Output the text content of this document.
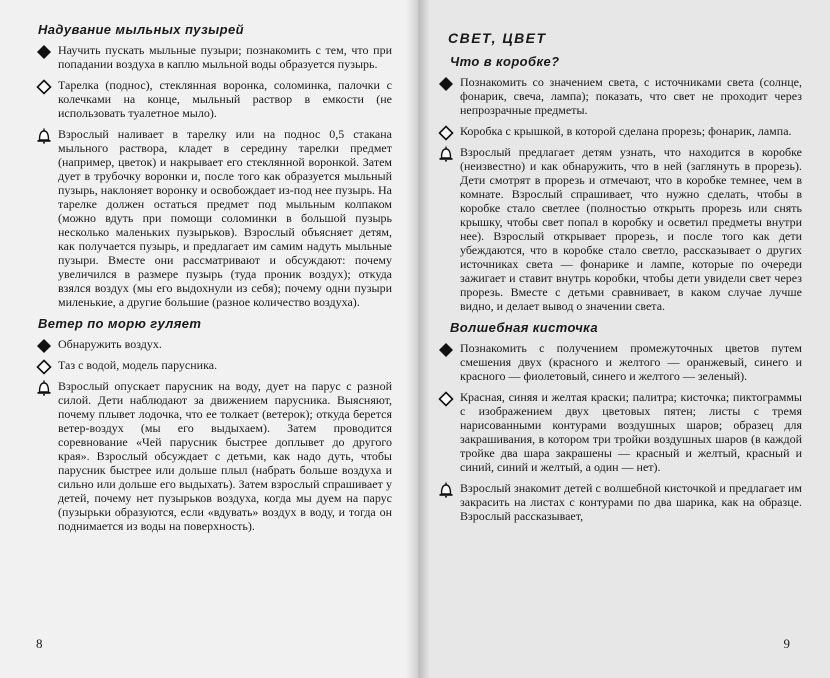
Надувание мыльных пузырей
Научить пускать мыльные пузыри; познакомить с тем, что при попадании воздуха в каплю мыльной воды образуется пузырь.
Тарелка (поднос), стеклянная воронка, соломинка, палочки с колечками на конце, мыльный раствор в емкости (не использовать туалетное мыло).
Взрослый наливает в тарелку или на поднос 0,5 стакана мыльного раствора, кладет в середину тарелки предмет (например, цветок) и накрывает его стеклянной воронкой. Затем дует в трубочку воронки и, после того как образуется мыльный пузырь, наклоняет воронку и освобождает из-под нее пузырь. На тарелке должен остаться предмет под мыльным колпаком (можно вдуть при помощи соломинки в большой пузырь несколько маленьких пузырьков). Взрослый объясняет детям, как получается пузырь, и предлагает им самим надуть мыльные пузыри. Вместе они рассматривают и обсуждают: почему увеличился в размере пузырь (туда проник воздух); откуда взялся воздух (мы его выдохнули из себя); почему одни пузыри миленькие, а другие большие (разное количество воздуха).
Ветер по морю гуляет
Обнаружить воздух.
Таз с водой, модель парусника.
Взрослый опускает парусник на воду, дует на парус с разной силой. Дети наблюдают за движением парусника. Выясняют, почему плывет лодочка, что ее толкает (ветерок); откуда берется ветер-воздух (мы его выдыхаем). Затем проводится соревнование «Чей парусник быстрее доплывет до другого края». Взрослый обсуждает с детьми, как надо дуть, чтобы парусник быстрее или дольше плыл (набрать больше воздуха и сильно или дольше его выдыхать). Затем взрослый спрашивает у детей, почему нет пузырьков воздуха, когда мы дуем на парус (пузырьки образуются, если «вдувать» воздух в воду, и тогда он поднимается из воды на поверхность).
8
СВЕТ, ЦВЕТ
Что в коробке?
Познакомить со значением света, с источниками света (солнце, фонарик, свеча, лампа); показать, что свет не проходит через непрозрачные предметы.
Коробка с крышкой, в которой сделана прорезь; фонарик, лампа.
Взрослый предлагает детям узнать, что находится в коробке (неизвестно) и как обнаружить, что в ней (заглянуть в прорезь). Дети смотрят в прорезь и отмечают, что в коробке темнее, чем в комнате. Взрослый спрашивает, что нужно сделать, чтобы в коробке стало светлее (полностью открыть прорезь или снять крышку, чтобы свет попал в коробку и осветил предметы внутри нее). Взрослый открывает прорезь, и после того как дети убеждаются, что в коробке стало светло, рассказывает о других источниках света — фонарике и лампе, которые по очереди зажигает и ставит внутрь коробки, чтобы дети увидели свет через прорезь. Вместе с детьми сравнивает, в каком случае лучше видно, и делает вывод о значении света.
Волшебная кисточка
Познакомить с получением промежуточных цветов путем смешения двух (красного и желтого — оранжевый, синего и красного — фиолетовый, синего и желтого — зеленый).
Красная, синяя и желтая краски; палитра; кисточка; пиктограммы с изображением двух цветовых пятен; листы с тремя нарисованными контурами воздушных шаров; образец для закрашивания, в котором три тройки воздушных шаров (в каждой тройке два шара закрашены — красный и желтый, красный и синий, синий и желтый, а один — нет).
Взрослый знакомит детей с волшебной кисточкой и предлагает им закрасить на листах с контурами по два шарика, как на образце. Взрослый рассказывает,
9
